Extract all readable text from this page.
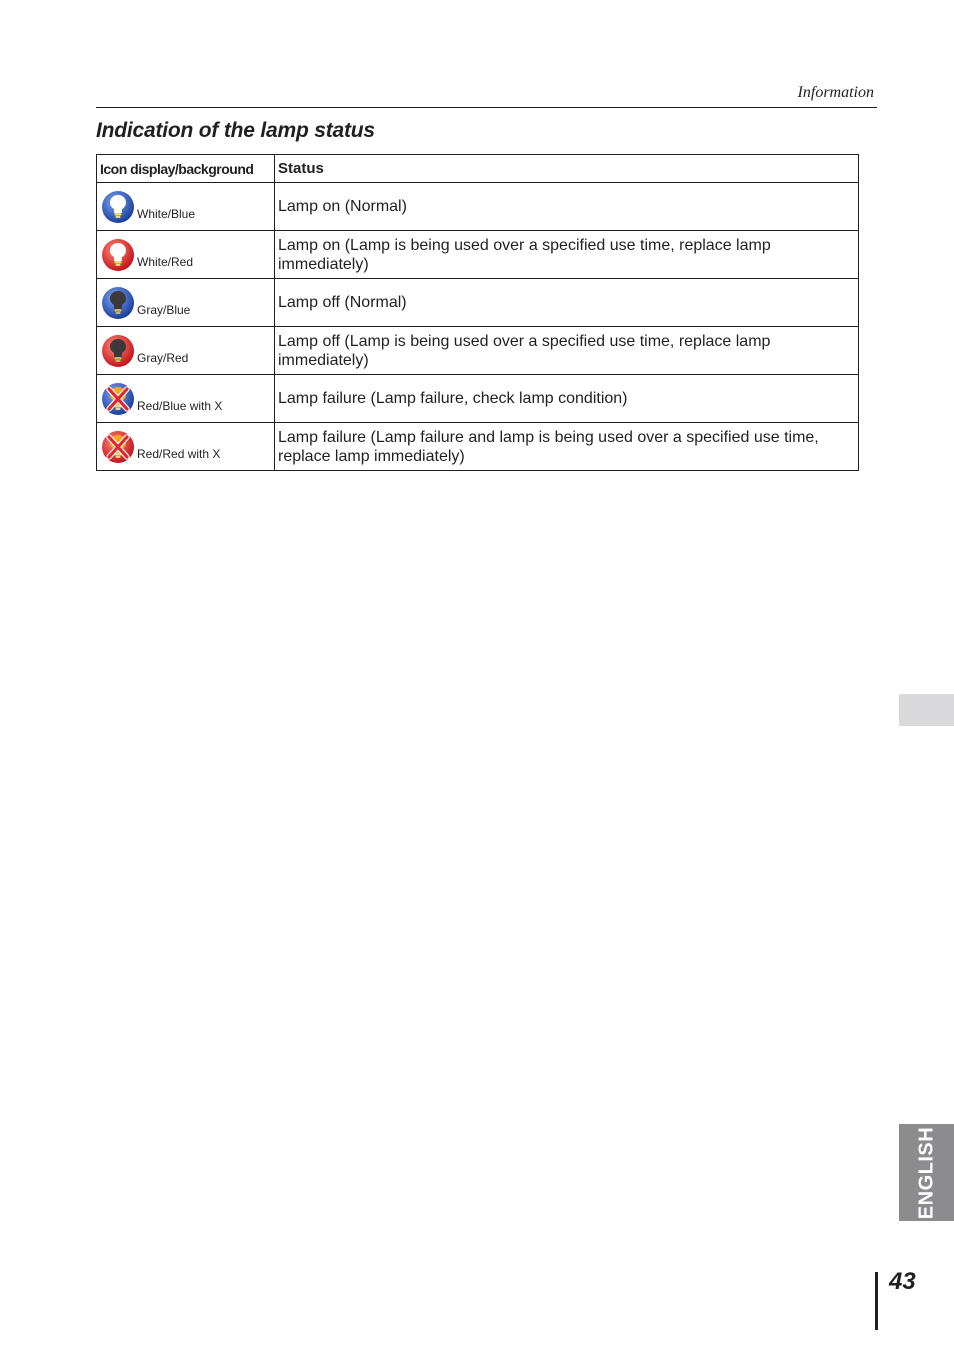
Information
Indication of the lamp status
Icon display/background	Status

White/Blue	Lamp on (Normal)

White/Red	Lamp on (Lamp is being used over a specified use time, replace lamp immediately)

Gray/Blue	Lamp off (Normal)

Gray/Red	Lamp off (Lamp is being used over a specified use time, replace lamp immediately)

Red/Blue with X	Lamp failure (Lamp failure, check lamp condition)

Red/Red with X	Lamp failure (Lamp failure and lamp is being used over a specified use time, replace lamp immediately)
ENGLISH
43
